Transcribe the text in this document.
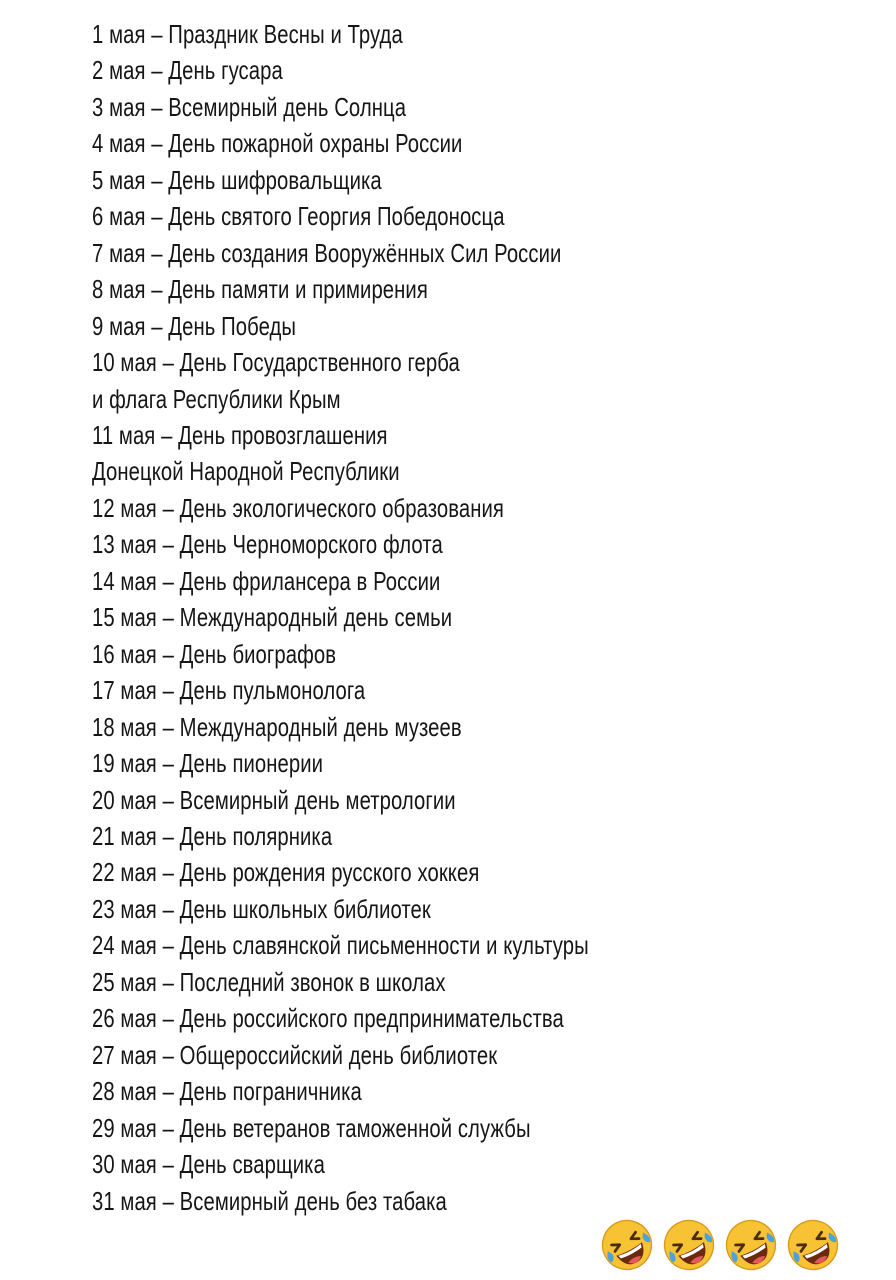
1 мая – Праздник Весны и Труда
2 мая – День гусара
3 мая – Всемирный день Солнца
4 мая – День пожарной охраны России
5 мая – День шифровальщика
6 мая – День святого Георгия Победоносца
7 мая – День создания Вооружённых Сил России
8 мая – День памяти и примирения
9 мая – День Победы
10 мая – День Государственного герба
и флага Республики Крым
11 мая – День провозглашения
Донецкой Народной Республики
12 мая – День экологического образования
13 мая – День Черноморского флота
14 мая – День фрилансера в России
15 мая – Международный день семьи
16 мая – День биографов
17 мая – День пульмонолога
18 мая – Международный день музеев
19 мая – День пионерии
20 мая – Всемирный день метрологии
21 мая – День полярника
22 мая – День рождения русского хоккея
23 мая – День школьных библиотек
24 мая – День славянской письменности и культуры
25 мая – Последний звонок в школах
26 мая – День российского предпринимательства
27 мая – Общероссийский день библиотек
28 мая – День пограничника
29 мая – День ветеранов таможенной службы
30 мая – День сварщика
31 мая – Всемирный день без табака
